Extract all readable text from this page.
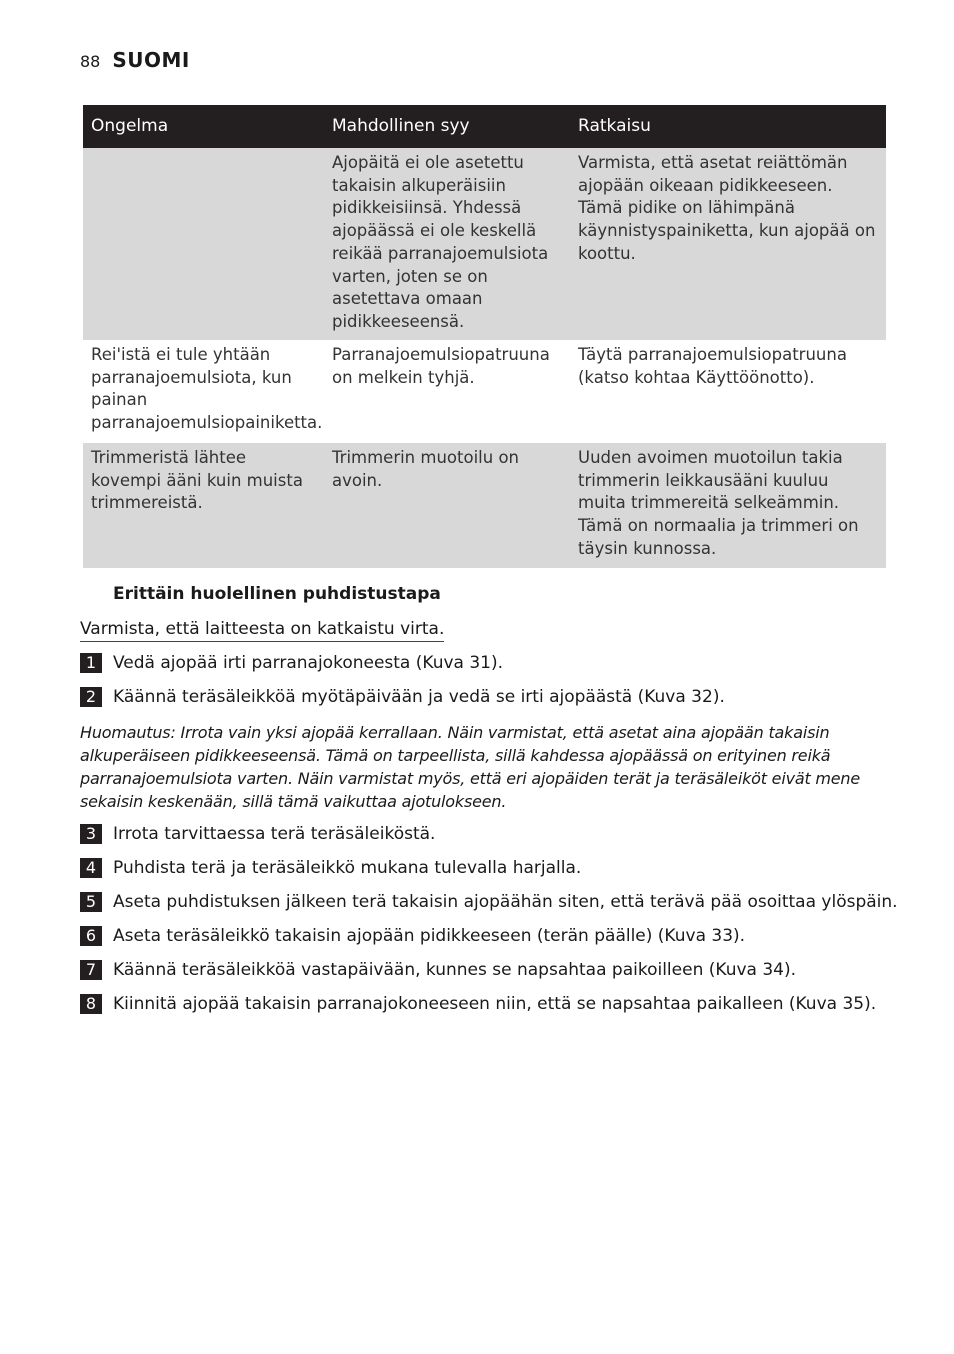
88 SUOMI
Ongelma	Mahdollinen syy	Ratkaisu
	Ajopäitä ei ole asetettu takaisin alkuperäisiin pidikkeisiinsä. Yhdessä ajopäässä ei ole keskellä reikää parranajoemulsiota varten, joten se on asetettava omaan pidikkeeseensä.	Varmista, että asetat reiättömän ajopään oikeaan pidikkeeseen. Tämä pidike on lähimpänä käynnistyspainiketta, kun ajopää on koottu.
Rei'istä ei tule yhtään parranajoemulsiota, kun painan parranajoemulsiopainiketta.	Parranajoemulsiopatruuna on melkein tyhjä.	Täytä parranajoemulsiopatruuna (katso kohtaa Käyttöönotto).
Trimmeristä lähtee kovempi ääni kuin muista trimmereistä.	Trimmerin muotoilu on avoin.	Uuden avoimen muotoilun takia trimmerin leikkausääni kuuluu muita trimmereitä selkeämmin. Tämä on normaalia ja trimmeri on täysin kunnossa.
Erittäin huolellinen puhdistustapa
Varmista, että laitteesta on katkaistu virta.
1 Vedä ajopää irti parranajokoneesta (Kuva 31).
2 Käännä teräsäleikköä myötäpäivään ja vedä se irti ajopäästä (Kuva 32).
Huomautus: Irrota vain yksi ajopää kerrallaan. Näin varmistat, että asetat aina ajopään takaisin alkuperäiseen pidikkeeseensä. Tämä on tarpeellista, sillä kahdessa ajopäässä on erityinen reikä parranajoemulsiota varten. Näin varmistat myös, että eri ajopäiden terät ja teräsäleiköt eivät mene sekaisin keskenään, sillä tämä vaikuttaa ajotulokseen.
3 Irrota tarvittaessa terä teräsäleiköstä.
4 Puhdista terä ja teräsäleikkö mukana tulevalla harjalla.
5 Aseta puhdistuksen jälkeen terä takaisin ajopäähän siten, että terävä pää osoittaa ylöspäin.
6 Aseta teräsäleikkö takaisin ajopään pidikkeeseen (terän päälle) (Kuva 33).
7 Käännä teräsäleikköä vastapäivään, kunnes se napsahtaa paikoilleen (Kuva 34).
8 Kiinnitä ajopää takaisin parranajokoneeseen niin, että se napsahtaa paikalleen (Kuva 35).
